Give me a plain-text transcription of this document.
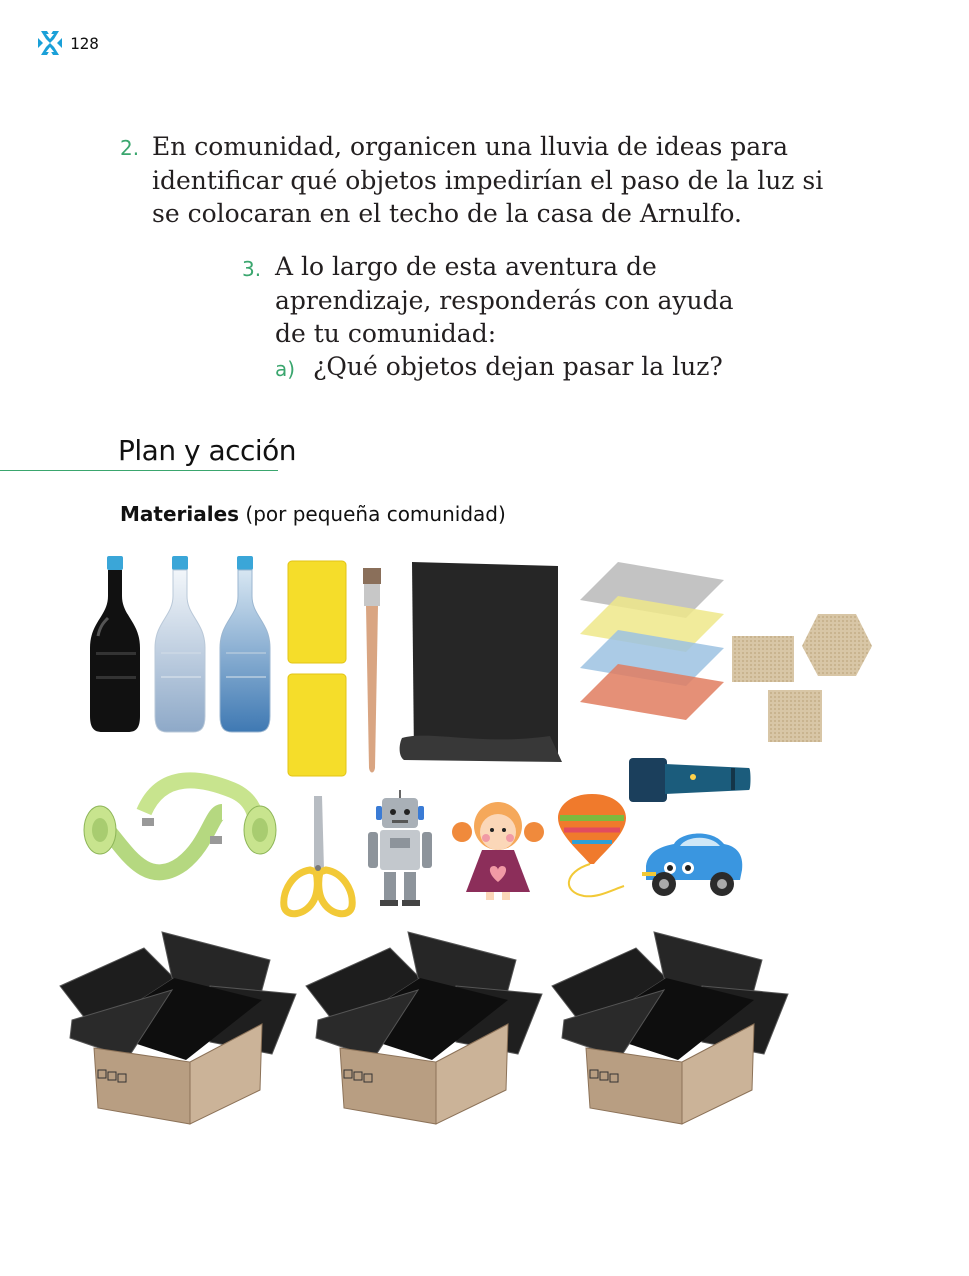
128
2. En comunidad, organicen una lluvia de ideas para identificar qué objetos impedirían el paso de la luz si se colocaran en el techo de la casa de Arnulfo.
3. A lo largo de esta aventura de aprendizaje, responderás con ayuda de tu comunidad:
a) ¿Qué objetos dejan pasar la luz?
Plan y acción
Materiales (por pequeña comunidad)
